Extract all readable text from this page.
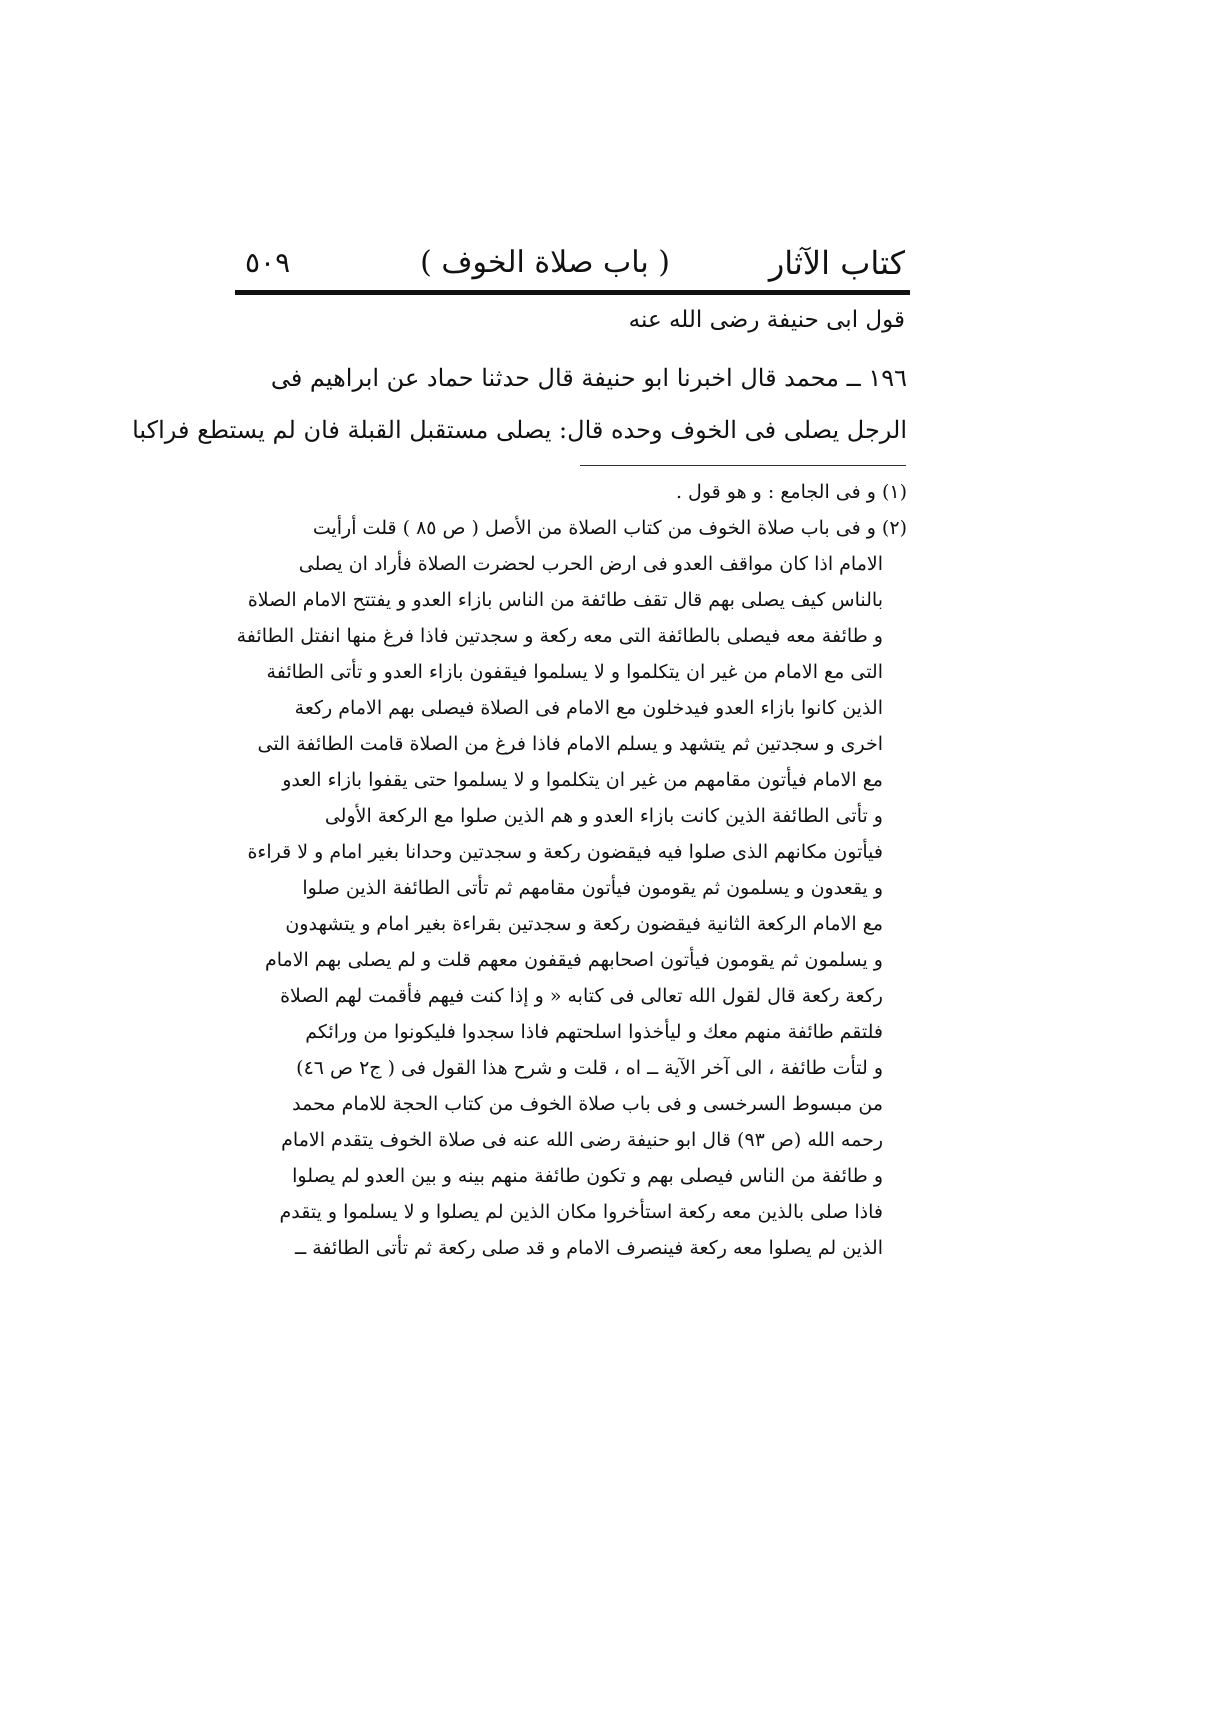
كتاب الآثار
( باب صلاة الخوف )
٥٠٩
قول ابی حنیفة رضی الله عنه
١٩٦ ــ محمد قال اخبرنا ابو حنيفة قال حدثنا حماد عن ابراهيم فى
الرجل يصلى فى الخوف وحده قال: يصلى مستقبل القبلة فان لم يستطع فراكبا
(١) و فى الجامع : و هو قول .
(٢) و فى باب صلاة الخوف من كتاب الصلاة من الأصل ( ص ٨٥ ) قلت أرأيت
الامام اذا كان مواقف العدو فى ارض الحرب لحضرت الصلاة فأراد ان يصلى
بالناس كيف يصلى بهم قال تقف طائفة من الناس بازاء العدو و يفتتح الامام الصلاة
و طائفة معه فيصلى بالطائفة التى معه ركعة و سجدتين فاذا فرغ منها انفتل الطائفة
التى مع الامام من غير ان يتكلموا و لا يسلموا فيقفون بازاء العدو و تأتى الطائفة
الذين كانوا بازاء العدو فيدخلون مع الامام فى الصلاة فيصلى بهم الامام ركعة
اخرى و سجدتين ثم يتشهد و يسلم الامام فاذا فرغ من الصلاة قامت الطائفة التى
مع الامام فيأتون مقامهم من غير ان يتكلموا و لا يسلموا حتى يقفوا بازاء العدو
و تأتى الطائفة الذين كانت بازاء العدو و هم الذين صلوا مع الركعة الأولى
فيأتون مكانهم الذى صلوا فيه فيقضون ركعة و سجدتين وحدانا بغير امام و لا قراءة
و يقعدون و يسلمون ثم يقومون فيأتون مقامهم ثم تأتى الطائفة الذين صلوا
مع الامام الركعة الثانية فيقضون ركعة و سجدتين بقراءة بغير امام و يتشهدون
و يسلمون ثم يقومون فيأتون اصحابهم فيقفون معهم قلت و لم يصلى بهم الامام
ركعة ركعة قال لقول الله تعالى فى كتابه « و إذا كنت فيهم فأقمت لهم الصلاة
فلتقم طائفة منهم معك و ليأخذوا اسلحتهم فاذا سجدوا فليكونوا من ورائكم
و لتأت طائفة ، الى آخر الآية ــ اه ، قلت و شرح هذا القول فى ( ج٢ ص ٤٦)
من مبسوط السرخسى و فى باب صلاة الخوف من كتاب الحجة للامام محمد
رحمه الله (ص ٩٣) قال ابو حنيفة رضى الله عنه فى صلاة الخوف يتقدم الامام
و طائفة من الناس فيصلى بهم و تكون طائفة منهم بينه و بين العدو لم يصلوا
فاذا صلى بالذين معه ركعة استأخروا مكان الذين لم يصلوا و لا يسلموا و يتقدم
الذين لم يصلوا معه ركعة فينصرف الامام و قد صلى ركعة ثم تأتى الطائفة ــ
